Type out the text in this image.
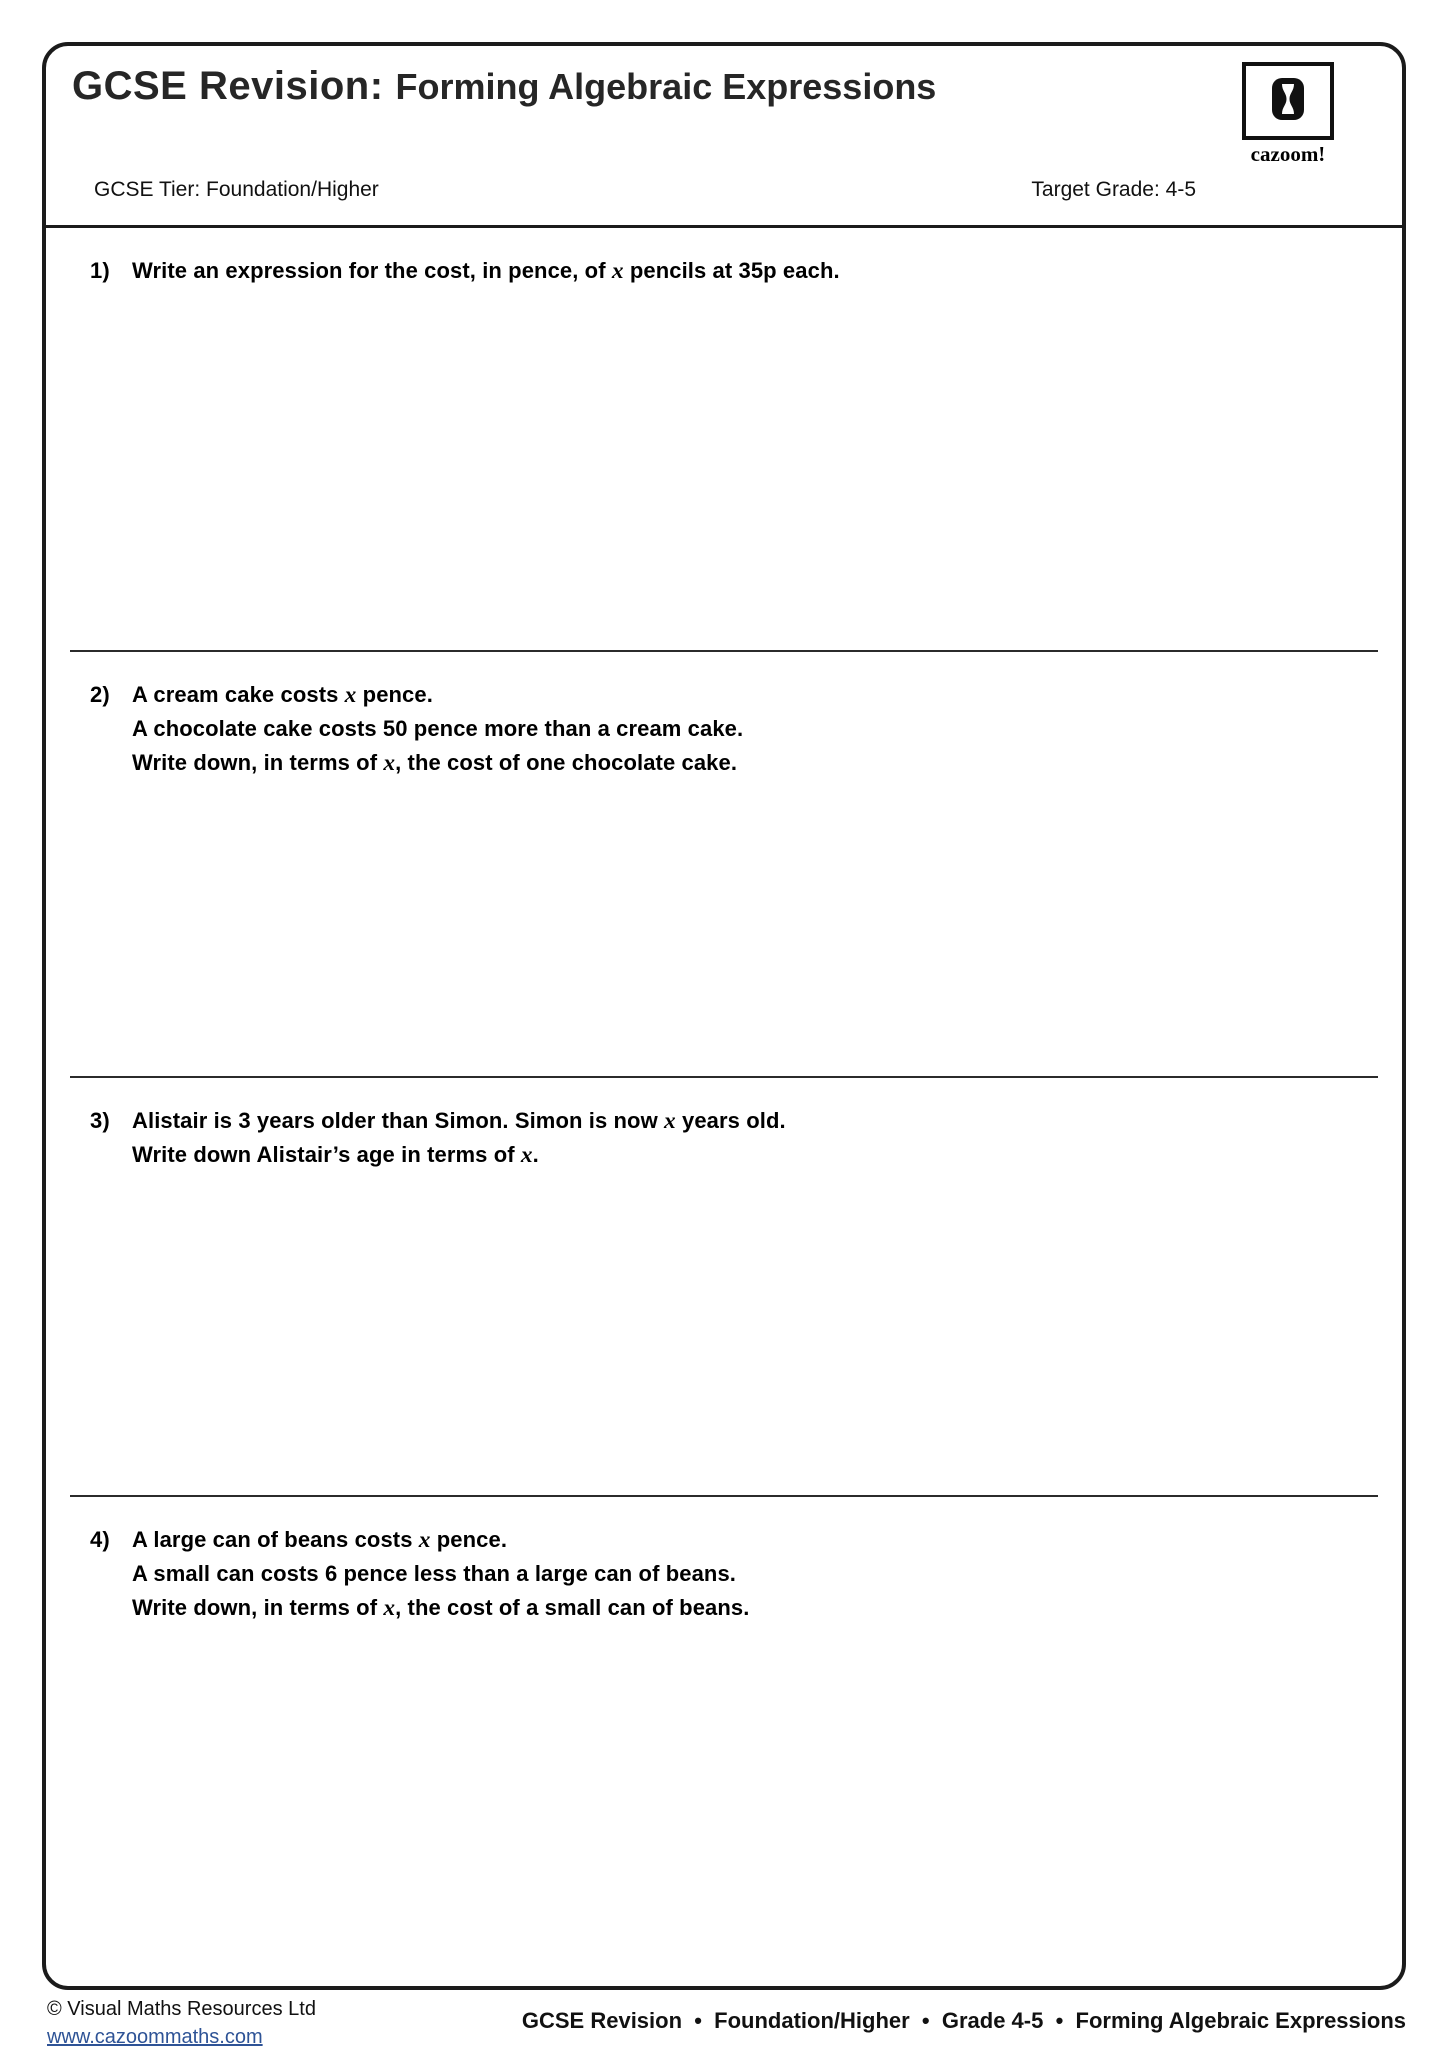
GCSE Revision: Forming Algebraic Expressions
GCSE Tier: Foundation/Higher	Target Grade: 4-5
cazoom!
1)	Write an expression for the cost, in pence, of x pencils at 35p each.
2)	A cream cake costs x pence.
A chocolate cake costs 50 pence more than a cream cake.
Write down, in terms of x, the cost of one chocolate cake.
3)	Alistair is 3 years older than Simon. Simon is now x years old.
Write down Alistair’s age in terms of x.
4)	A large can of beans costs x pence.
A small can costs 6 pence less than a large can of beans.
Write down, in terms of x, the cost of a small can of beans.
© Visual Maths Resources Ltd
www.cazoommaths.com
GCSE Revision  •  Foundation/Higher  •  Grade 4-5  •  Forming Algebraic Expressions
